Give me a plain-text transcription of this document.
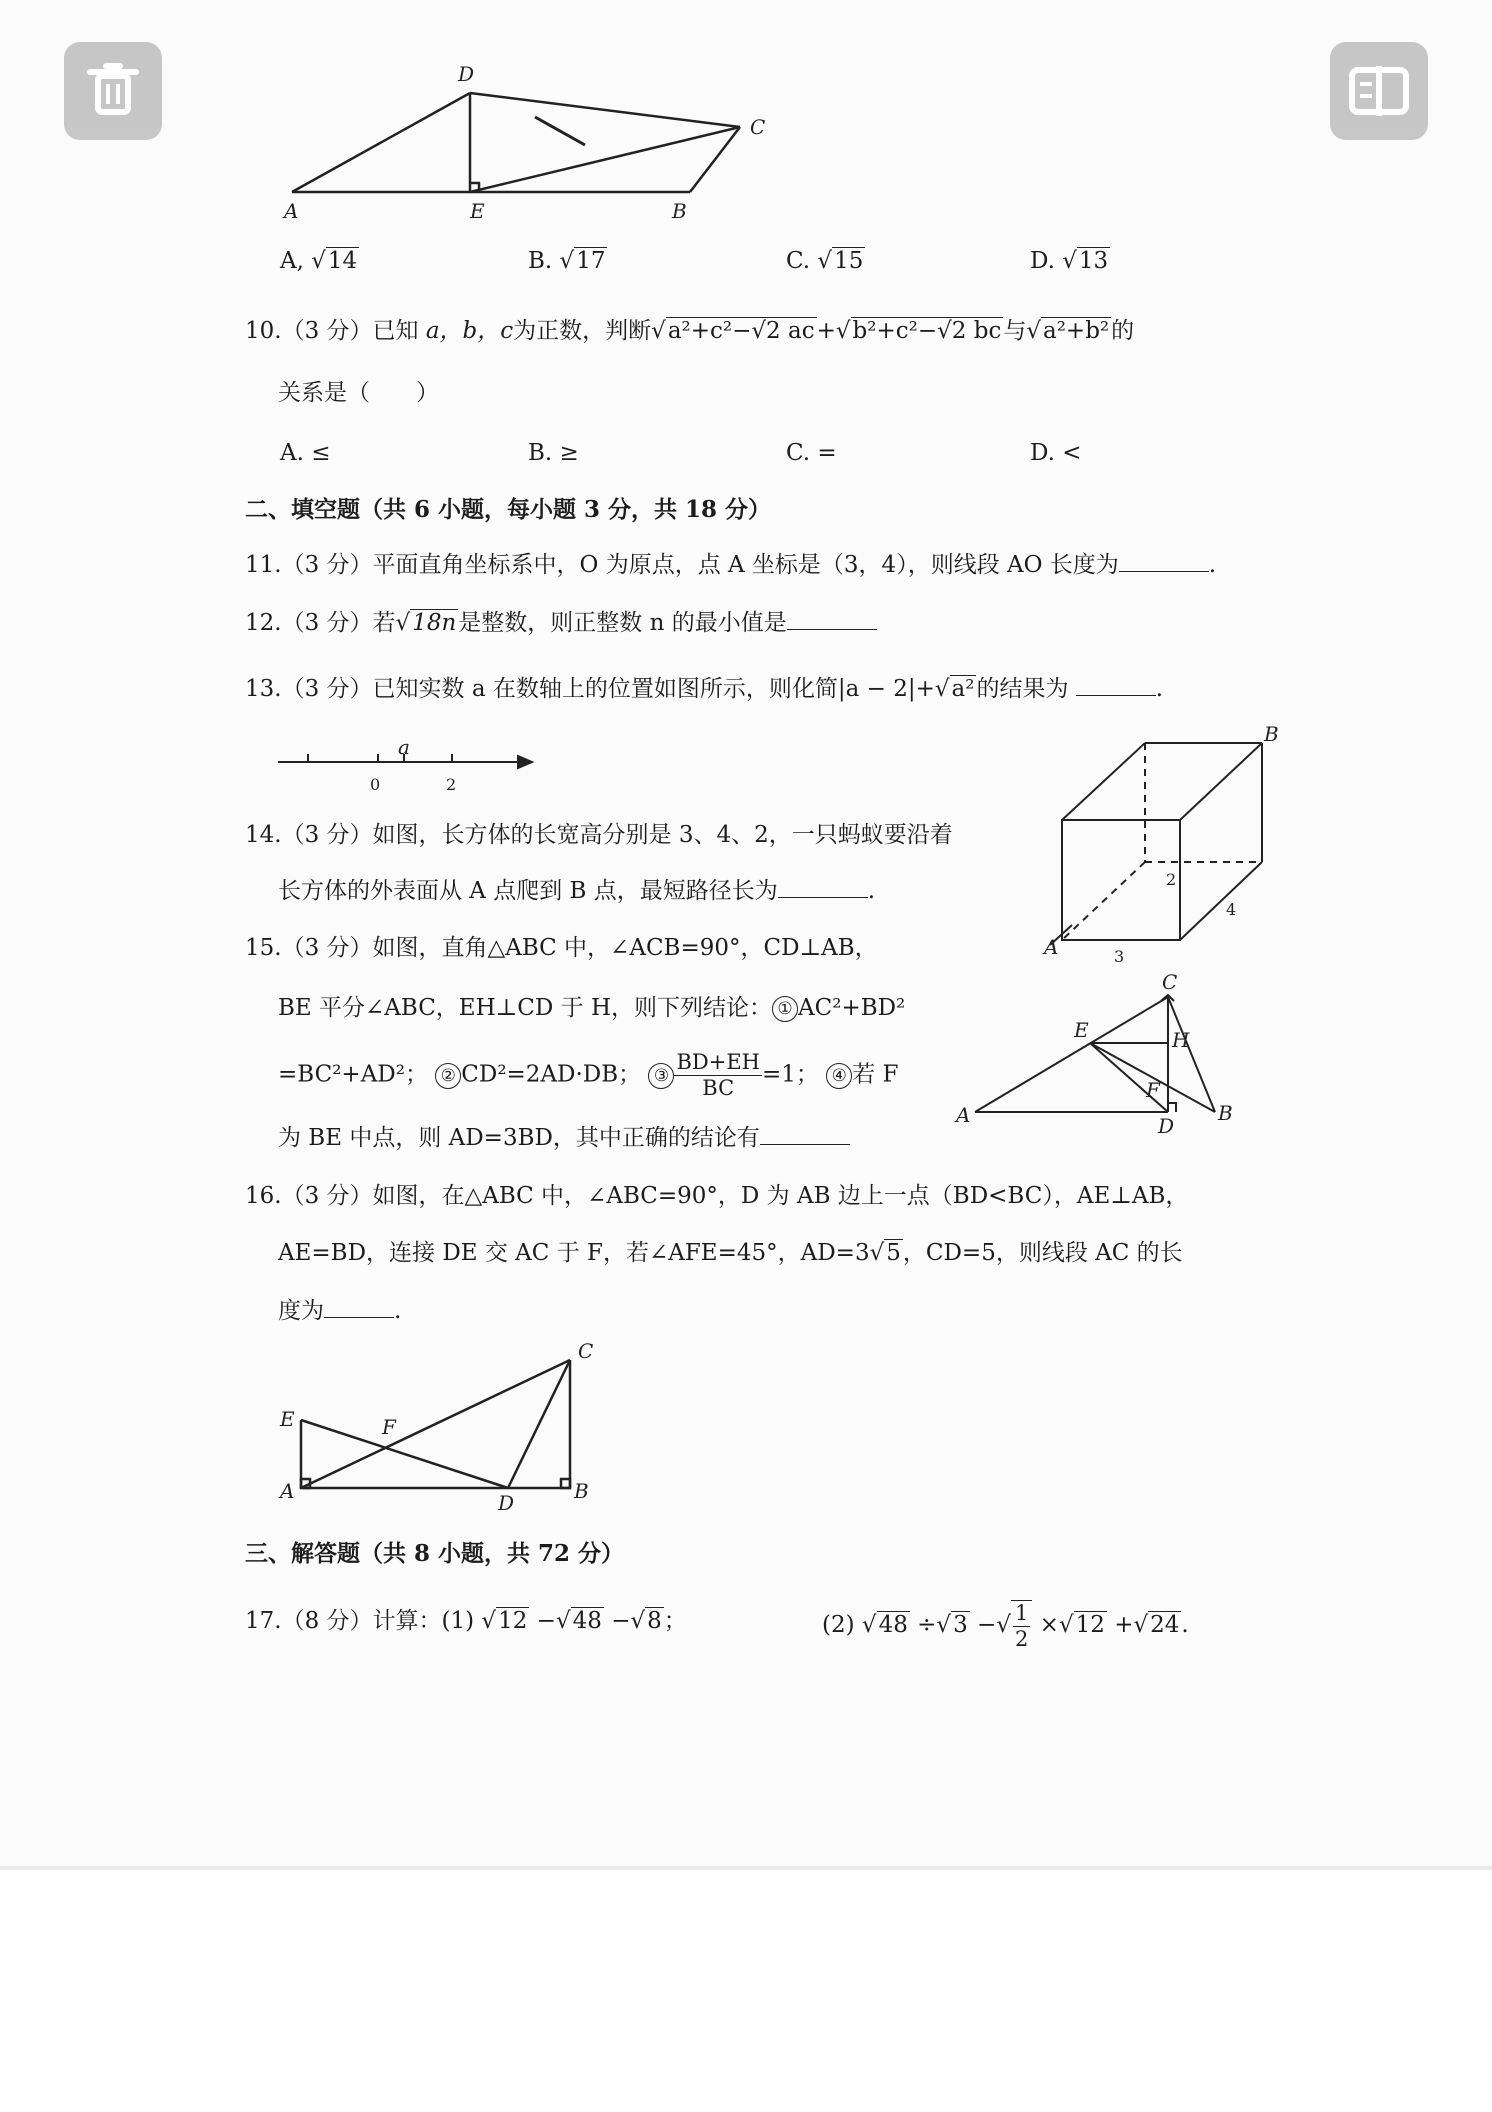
D
C
A	E	B
A, √14	B. √17	C. √15	D. √13
10.（3 分）已知 a，b，c为正数，判断√a²+c²−√2 ac+√b²+c²−√2 bc与√a²+b²的
关系是（　　）
A. ≤	B. ≥	C. =	D. <
二、填空题（共 6 小题，每小题 3 分，共 18 分）
11.（3 分）平面直角坐标系中，O 为原点，点 A 坐标是（3，4），则线段 AO 长度为	.
12.（3 分）若√18n是整数，则正整数 n 的最小值是
13.（3 分）已知实数 a 在数轴上的位置如图所示，则化简|a − 2|+√a²的结果为	.
0
a
2
14.（3 分）如图，长方体的长宽高分别是 3、4、2，一只蚂蚁要沿着
长方体的外表面从 A 点爬到 B 点，最短路径长为	.
A
B
3
4
2
15.（3 分）如图，直角△ABC 中，∠ACB=90°，CD⊥AB，
BE 平分∠ABC，EH⊥CD 于 H，则下列结论： ① AC²+BD²
=BC²+AD²； ② CD²=2AD·DB； ③ $\frac{BD+EH}{BC} =1$； ④ 若 F
为 BE 中点，则 AD=3BD，其中正确的结论有
C
E	H
A
F
D
B
16.（3 分）如图，在△ABC 中，∠ABC=90°，D 为 AB 边上一点（BD<BC），AE⊥AB，
AE=BD，连接 DE 交 AC 于 F，若∠AFE=45°，AD=3√5，CD=5，则线段 AC 的长
度为	.
C
E	F
A	D	B
三、解答题（共 8 小题，共 72 分）
17.（8 分）计算：(1) √12 −√48 −√8；	(2) √48 ÷√3 −√ $\frac{1}{2} \times√12 +√24$.
